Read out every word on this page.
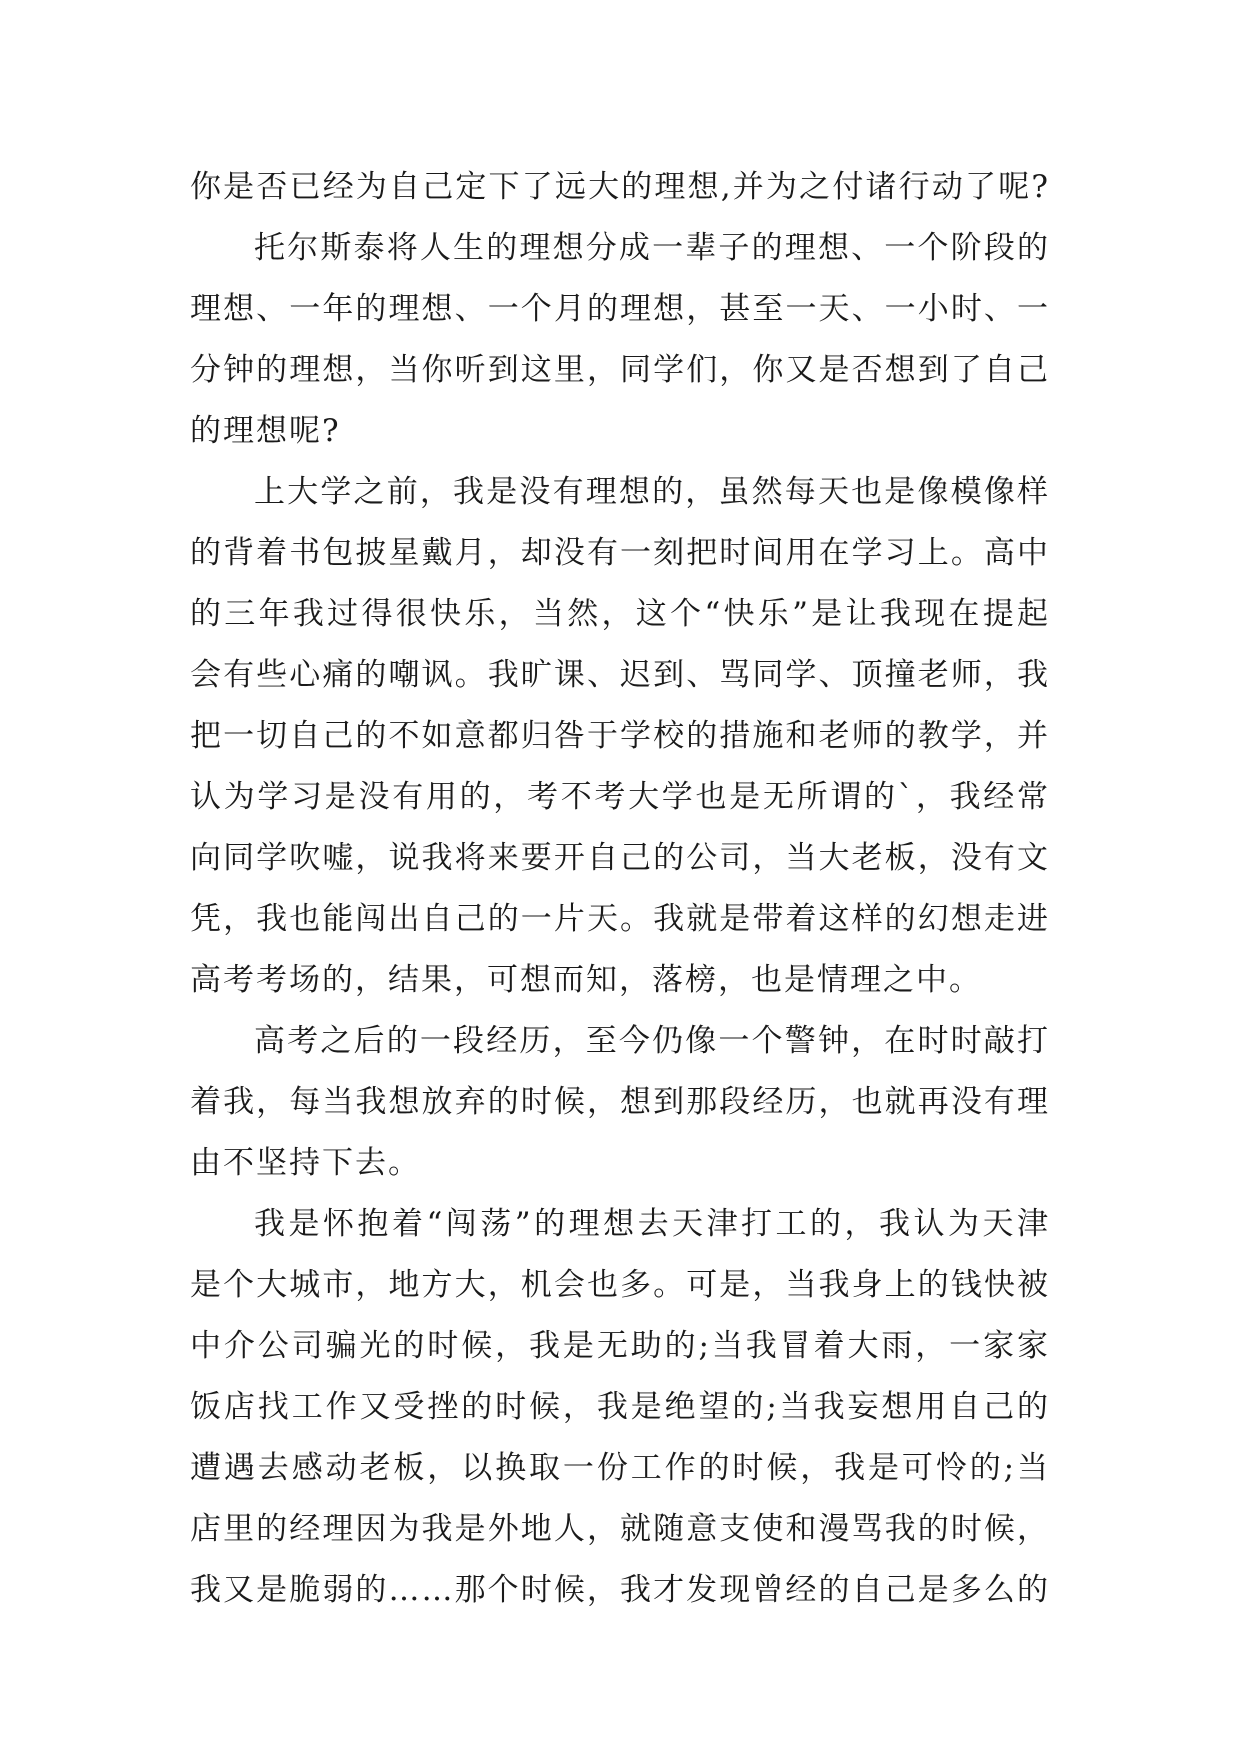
你是否已经为自己定下了远大的理想,并为之付诸行动了呢?
托尔斯泰将人生的理想分成一辈子的理想、一个阶段的
理想、一年的理想、一个月的理想，甚至一天、一小时、一
分钟的理想，当你听到这里，同学们，你又是否想到了自己
的理想呢?
上大学之前，我是没有理想的，虽然每天也是像模像样
的背着书包披星戴月，却没有一刻把时间用在学习上。高中
的三年我过得很快乐，当然，这个“快乐”是让我现在提起
会有些心痛的嘲讽。我旷课、迟到、骂同学、顶撞老师，我
把一切自己的不如意都归咎于学校的措施和老师的教学，并
认为学习是没有用的，考不考大学也是无所谓的`，我经常
向同学吹嘘，说我将来要开自己的公司，当大老板，没有文
凭，我也能闯出自己的一片天。我就是带着这样的幻想走进
高考考场的，结果，可想而知，落榜，也是情理之中。
高考之后的一段经历，至今仍像一个警钟，在时时敲打
着我，每当我想放弃的时候，想到那段经历，也就再没有理
由不坚持下去。
我是怀抱着“闯荡”的理想去天津打工的，我认为天津
是个大城市，地方大，机会也多。可是，当我身上的钱快被
中介公司骗光的时候，我是无助的;当我冒着大雨，一家家
饭店找工作又受挫的时候，我是绝望的;当我妄想用自己的
遭遇去感动老板，以换取一份工作的时候，我是可怜的;当
店里的经理因为我是外地人，就随意支使和漫骂我的时候，
我又是脆弱的……那个时候，我才发现曾经的自己是多么的
